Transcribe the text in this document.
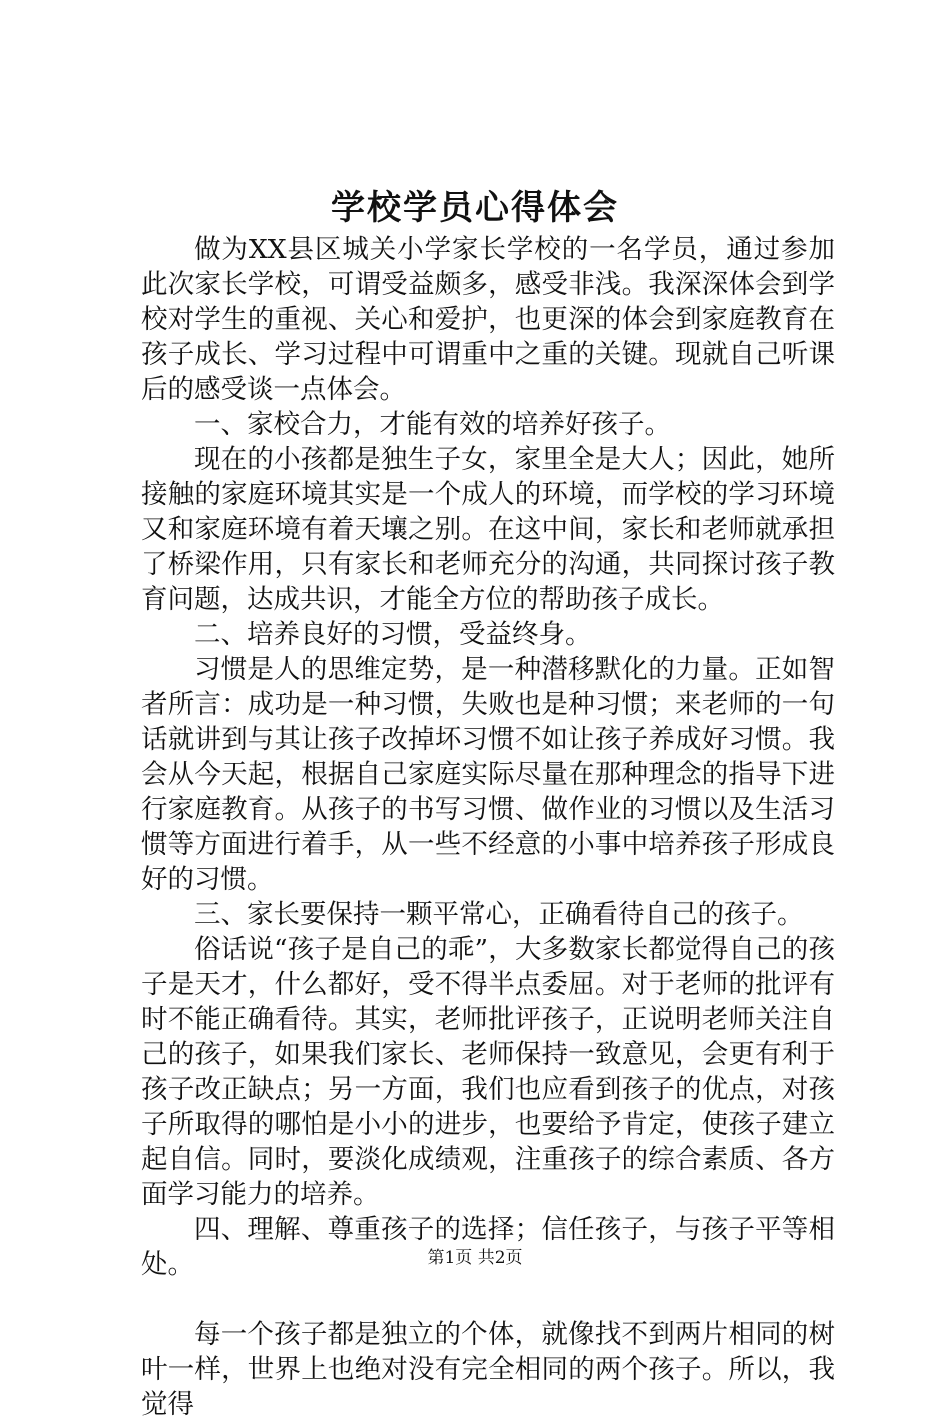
学校学员心得体会

做为XX县区城关小学家长学校的一名学员，通过参加此次家长学校，可谓受益颇多，感受非浅。我深深体会到学校对学生的重视、关心和爱护，也更深的体会到家庭教育在孩子成长、学习过程中可谓重中之重的关键。现就自己听课后的感受谈一点体会。

一、家校合力，才能有效的培养好孩子。

现在的小孩都是独生子女，家里全是大人；因此，她所接触的家庭环境其实是一个成人的环境，而学校的学习环境又和家庭环境有着天壤之别。在这中间，家长和老师就承担了桥梁作用，只有家长和老师充分的沟通，共同探讨孩子教育问题，达成共识，才能全方位的帮助孩子成长。

二、培养良好的习惯，受益终身。

习惯是人的思维定势，是一种潜移默化的力量。正如智者所言：成功是一种习惯，失败也是种习惯；来老师的一句话就讲到与其让孩子改掉坏习惯不如让孩子养成好习惯。我会从今天起，根据自己家庭实际尽量在那种理念的指导下进行家庭教育。从孩子的书写习惯、做作业的习惯以及生活习惯等方面进行着手，从一些不经意的小事中培养孩子形成良好的习惯。

三、家长要保持一颗平常心，正确看待自己的孩子。

俗话说“孩子是自己的乖”，大多数家长都觉得自己的孩子是天才，什么都好，受不得半点委屈。对于老师的批评有时不能正确看待。其实，老师批评孩子，正说明老师关注自己的孩子，如果我们家长、老师保持一致意见，会更有利于孩子改正缺点；另一方面，我们也应看到孩子的优点，对孩子所取得的哪怕是小小的进步，也要给予肯定，使孩子建立起自信。同时，要淡化成绩观，注重孩子的综合素质、各方面学习能力的培养。

四、理解、尊重孩子的选择；信任孩子，与孩子平等相处。

每一个孩子都是独立的个体，就像找不到两片相同的树叶一样，世界上也绝对没有完全相同的两个孩子。所以，我觉得

第1页 共2页
